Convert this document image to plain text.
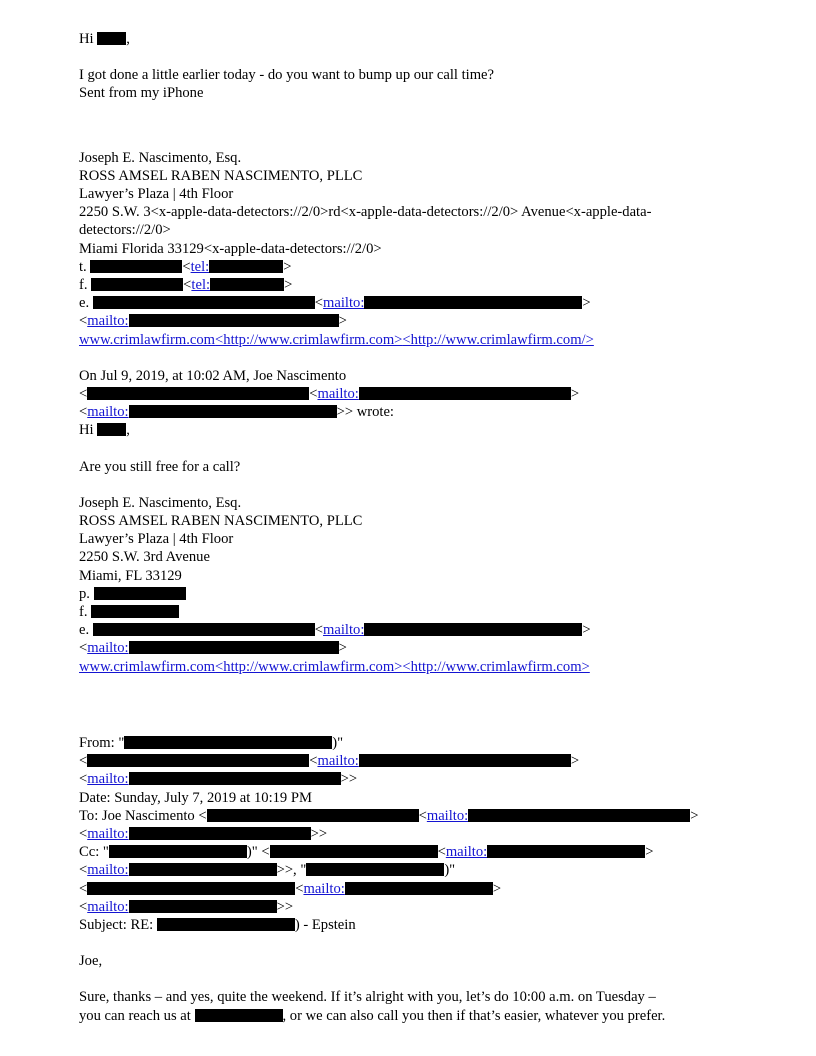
Hi ,
I got done a little earlier today - do you want to bump up our call time?
Sent from my iPhone
Joseph E. Nascimento, Esq.
ROSS AMSEL RABEN NASCIMENTO, PLLC
Lawyer’s Plaza | 4th Floor
2250 S.W. 3<x-apple-data-detectors://2/0>rd<x-apple-data-detectors://2/0> Avenue<x-apple-data-
detectors://2/0>
Miami Florida 33129<x-apple-data-detectors://2/0>
t.	<tel:	>
f.	<tel:	>
e.	<mailto:	>
<mailto:	>
www.crimlawfirm.com<http://www.crimlawfirm.com><http://www.crimlawfirm.com/>
On Jul 9, 2019, at 10:02 AM, Joe Nascimento
<	<mailto:	>
<mailto:	>> wrote:
Hi ,
Are you still free for a call?
Joseph E. Nascimento, Esq.
ROSS AMSEL RABEN NASCIMENTO, PLLC
Lawyer’s Plaza | 4th Floor
2250 S.W. 3rd Avenue
Miami, FL 33129
p.
f.
e.	<mailto:	>
<mailto:	>
www.crimlawfirm.com<http://www.crimlawfirm.com><http://www.crimlawfirm.com>
From: "	)"
<	<mailto:	>
<mailto:	>>
Date: Sunday, July 7, 2019 at 10:19 PM
To: Joe Nascimento <	<mailto:	>
<mailto:	>>
Cc: "	)" <	<mailto:	>
<mailto:	>>, "	)"
<	<mailto:	>
<mailto:	>>
Subject: RE:	) - Epstein
Joe,
Sure, thanks – and yes, quite the weekend. If it’s alright with you, let’s do 10:00 a.m. on Tuesday –
you can reach us at	, or we can also call you then if that’s easier, whatever you prefer.
